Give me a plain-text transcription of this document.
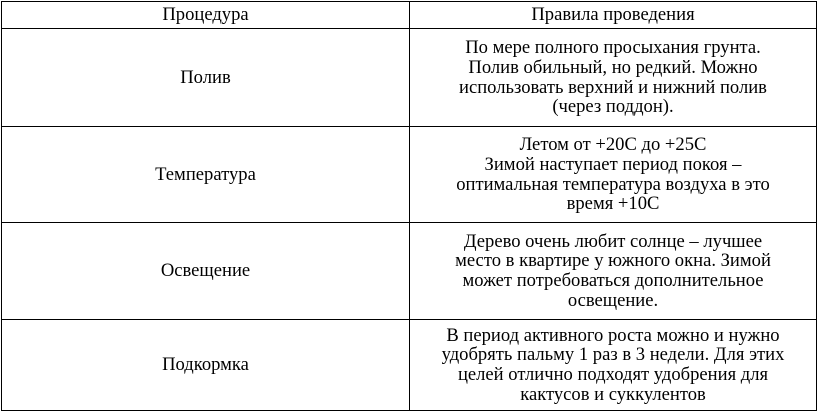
Процедура	Правила проведения
Полив	По мере полного просыхания грунта.
Полив обильный, но редкий. Можно
использовать верхний и нижний полив
(через поддон).

Температура	Летом от +20С до +25С
Зимой наступает период покоя –
оптимальная температура воздуха в это
время +10С

Освещение	Дерево очень любит солнце – лучшее
место в квартире у южного окна. Зимой
может потребоваться дополнительное
освещение.

Подкормка	В период активного роста можно и нужно
удобрять пальму 1 раз в 3 недели. Для этих
целей отлично подходят удобрения для
кактусов и суккулентов
